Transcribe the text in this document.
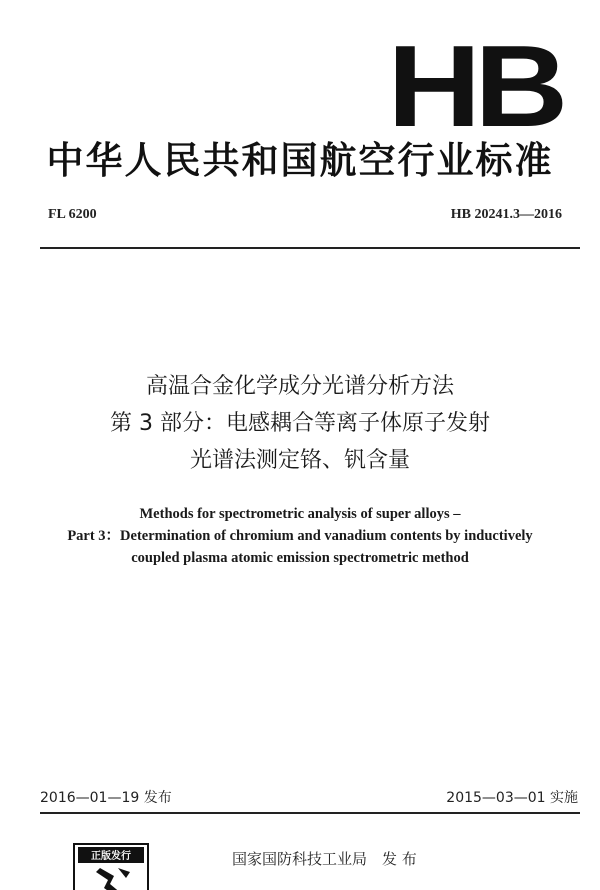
HB
中华人民共和国航空行业标准
FL 6200	HB 20241.3—2016
高温合金化学成分光谱分析方法
第 3 部分：电感耦合等离子体原子发射
光谱法测定铬、钒含量
Methods for spectrometric analysis of super alloys –
Part 3：Determination of chromium and vanadium contents by inductively
coupled plasma atomic emission spectrometric method
2016—01—19 发布	2015—03—01 实施
正版发行	国家国防科技工业局　发 布
